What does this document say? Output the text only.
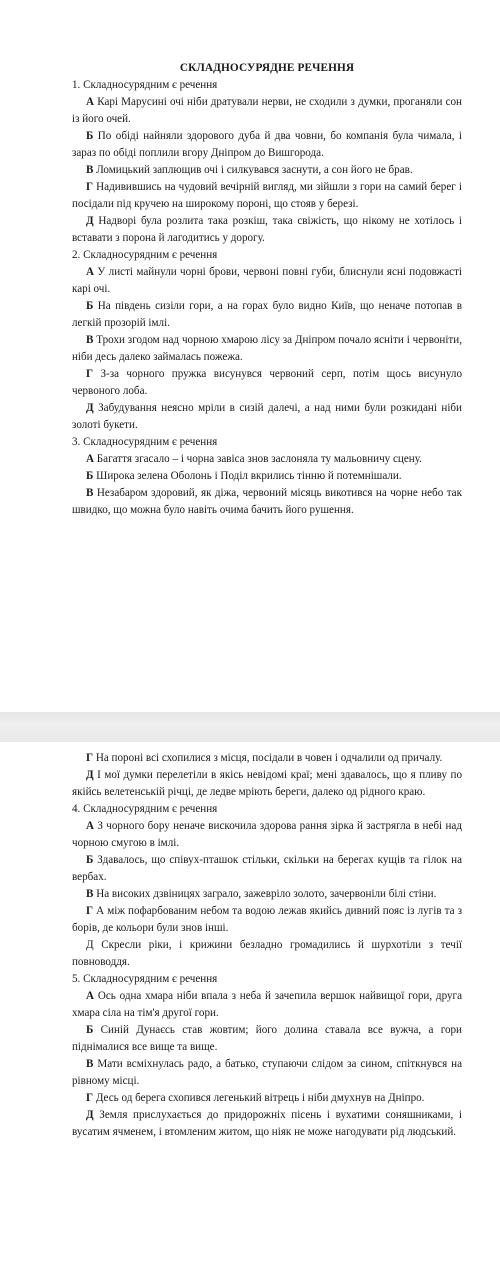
СКЛАДНОСУРЯДНЕ РЕЧЕННЯ

1. Складносурядним є речення

А Карі Марусині очі ніби дратували нерви, не сходили з думки, проганяли сон із його очей.

Б По обіді найняли здорового дуба й два човни, бо компанія була чимала, і зараз по обіді поплили вгору Дніпром до Вишгорода.

В Ломицький заплющив очі і силкувався заснути, а сон його не брав.

Г Надивившись на чудовий вечірній вигляд, ми зійшли з гори на самий берег і посідали під кручею на широкому пороні, що стояв у березі.

Д Надворі була розлита така розкіш, така свіжість, що нікому не хотілось і вставати з порона й лагодитись у дорогу.

2. Складносурядним є речення

А У листі майнули чорні брови, червоні повні губи, блиснули ясні подовжасті карі очі.

Б На південь сизіли гори, а на горах було видно Київ, що неначе потопав в легкій прозорій імлі.

В Трохи згодом над чорною хмарою лісу за Дніпром почало ясніти і червоніти, ніби десь далеко займалась пожежа.

Г З-за чорного пружка висунувся червоний серп, потім щось висунуло червоного лоба.

Д Забудування неясно мріли в сизій далечі, а над ними були розкидані ніби золоті букети.

3. Складносурядним є речення

А Багаття згасало – і чорна завіса знов заслоняла ту мальовничу сцену.

Б Широка зелена Оболонь і Поділ вкрились тінню й потемнішали.

В Незабаром здоровий, як діжа, червоний місяць викотився на чорне небо так швидко, що можна було навіть очима бачить його рушення.

Г На пороні всі схопилися з місця, посідали в човен і одчалили од причалу.

Д І мої думки перелетіли в якісь невідомі краї; мені здавалось, що я пливу по якійсь велетенській річці, де ледве мріють береги, далеко од рідного краю.

4. Складносурядним є речення

А З чорного бору неначе вискочила здорова рання зірка й застрягла в небі над чорною смугою в імлі.

Б Здавалось, що співух-пташок стільки, скільки на берегах кущів та гілок на вербах.

В На високих дзвіницях заграло, зажевріло золото, зачервоніли білі стіни.

Г А між пофарбованим небом та водою лежав якийсь дивний пояс із лугів та з борів, де кольори були знов інші.

Д Скресли ріки, і крижини безладно громадились й шурхотіли з течії повноводдя.

5. Складносурядним є речення

А Ось одна хмара ніби впала з неба й зачепила вершок найвищої гори, друга хмара сіла на тім'я другої гори.

Б Синій Дунаєсь став жовтим; його долина ставала все вужча, а гори піднімалися все вище та вище.

В Мати всміхнулась радо, а батько, ступаючи слідом за сином, спіткнувся на рівному місці.

Г Десь од берега схопився легенький вітрець і ніби дмухнув на Дніпро.

Д Земля прислухається до придорожніх пісень і вухатими соняшниками, і вусатим ячменем, і втомленим житом, що ніяк не може нагодувати рід людський.
